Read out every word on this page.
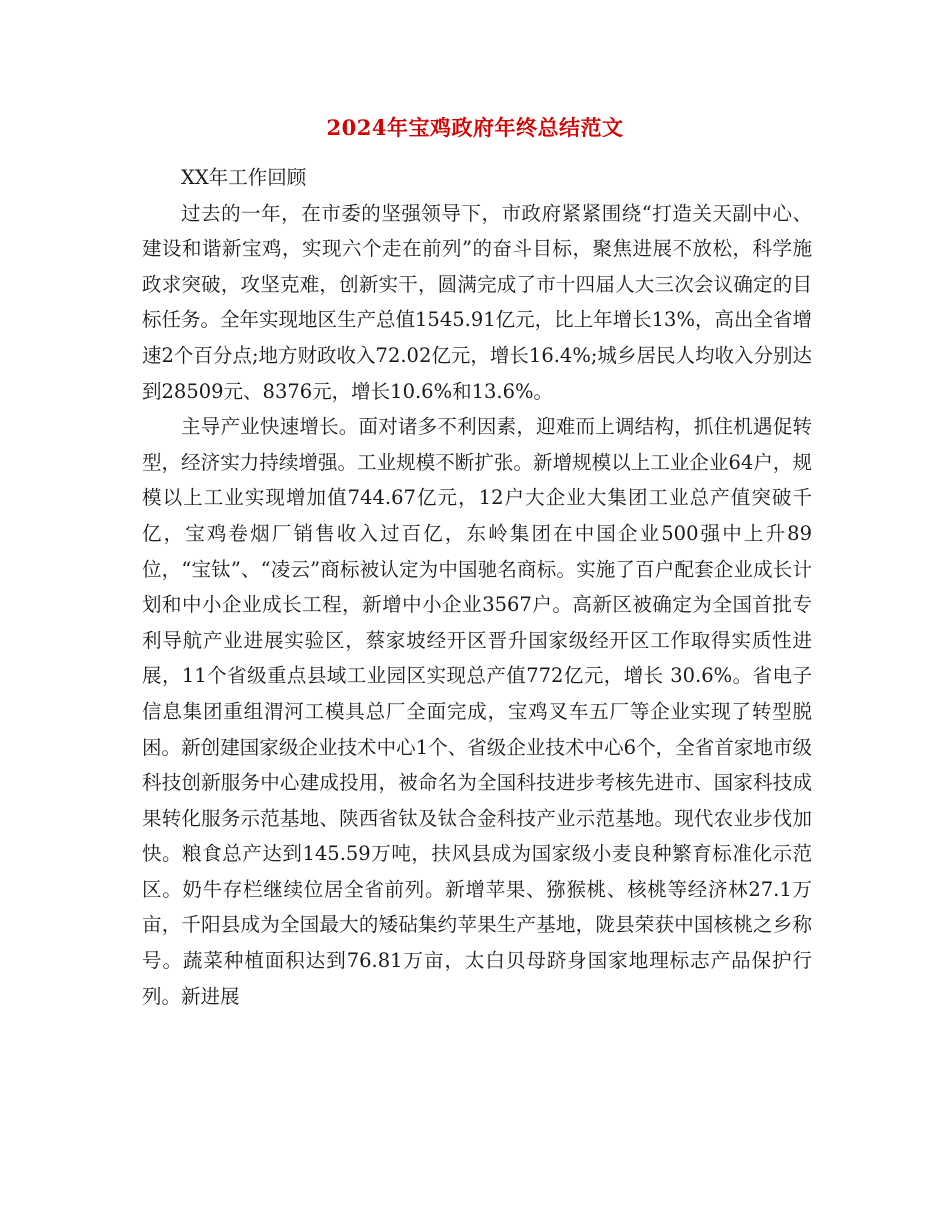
2024年宝鸡政府年终总结范文

XX年工作回顾

过去的一年，在市委的坚强领导下，市政府紧紧围绕“打造关天副中心、建设和谐新宝鸡，实现六个走在前列”的奋斗目标，聚焦进展不放松，科学施政求突破，攻坚克难，创新实干，圆满完成了市十四届人大三次会议确定的目标任务。全年实现地区生产总值1545.91亿元，比上年增长13%，高出全省增速2个百分点;地方财政收入72.02亿元，增长16.4%;城乡居民人均收入分别达到28509元、8376元，增长10.6%和13.6%。

主导产业快速增长。面对诸多不利因素，迎难而上调结构，抓住机遇促转型，经济实力持续增强。工业规模不断扩张。新增规模以上工业企业64户，规模以上工业实现增加值744.67亿元，12户大企业大集团工业总产值突破千亿，宝鸡卷烟厂销售收入过百亿，东岭集团在中国企业500强中上升89位，“宝钛”、“凌云”商标被认定为中国驰名商标。实施了百户配套企业成长计划和中小企业成长工程，新增中小企业3567户。高新区被确定为全国首批专利导航产业进展实验区，蔡家坡经开区晋升国家级经开区工作取得实质性进展，11个省级重点县域工业园区实现总产值772亿元，增长 30.6%。省电子信息集团重组渭河工模具总厂全面完成，宝鸡叉车五厂等企业实现了转型脱困。新创建国家级企业技术中心1个、省级企业技术中心6个，全省首家地市级科技创新服务中心建成投用，被命名为全国科技进步考核先进市、国家科技成果转化服务示范基地、陕西省钛及钛合金科技产业示范基地。现代农业步伐加快。粮食总产达到145.59万吨，扶风县成为国家级小麦良种繁育标准化示范区。奶牛存栏继续位居全省前列。新增苹果、猕猴桃、核桃等经济林27.1万亩，千阳县成为全国最大的矮砧集约苹果生产基地，陇县荣获中国核桃之乡称号。蔬菜种植面积达到76.81万亩，太白贝母跻身国家地理标志产品保护行列。新进展
